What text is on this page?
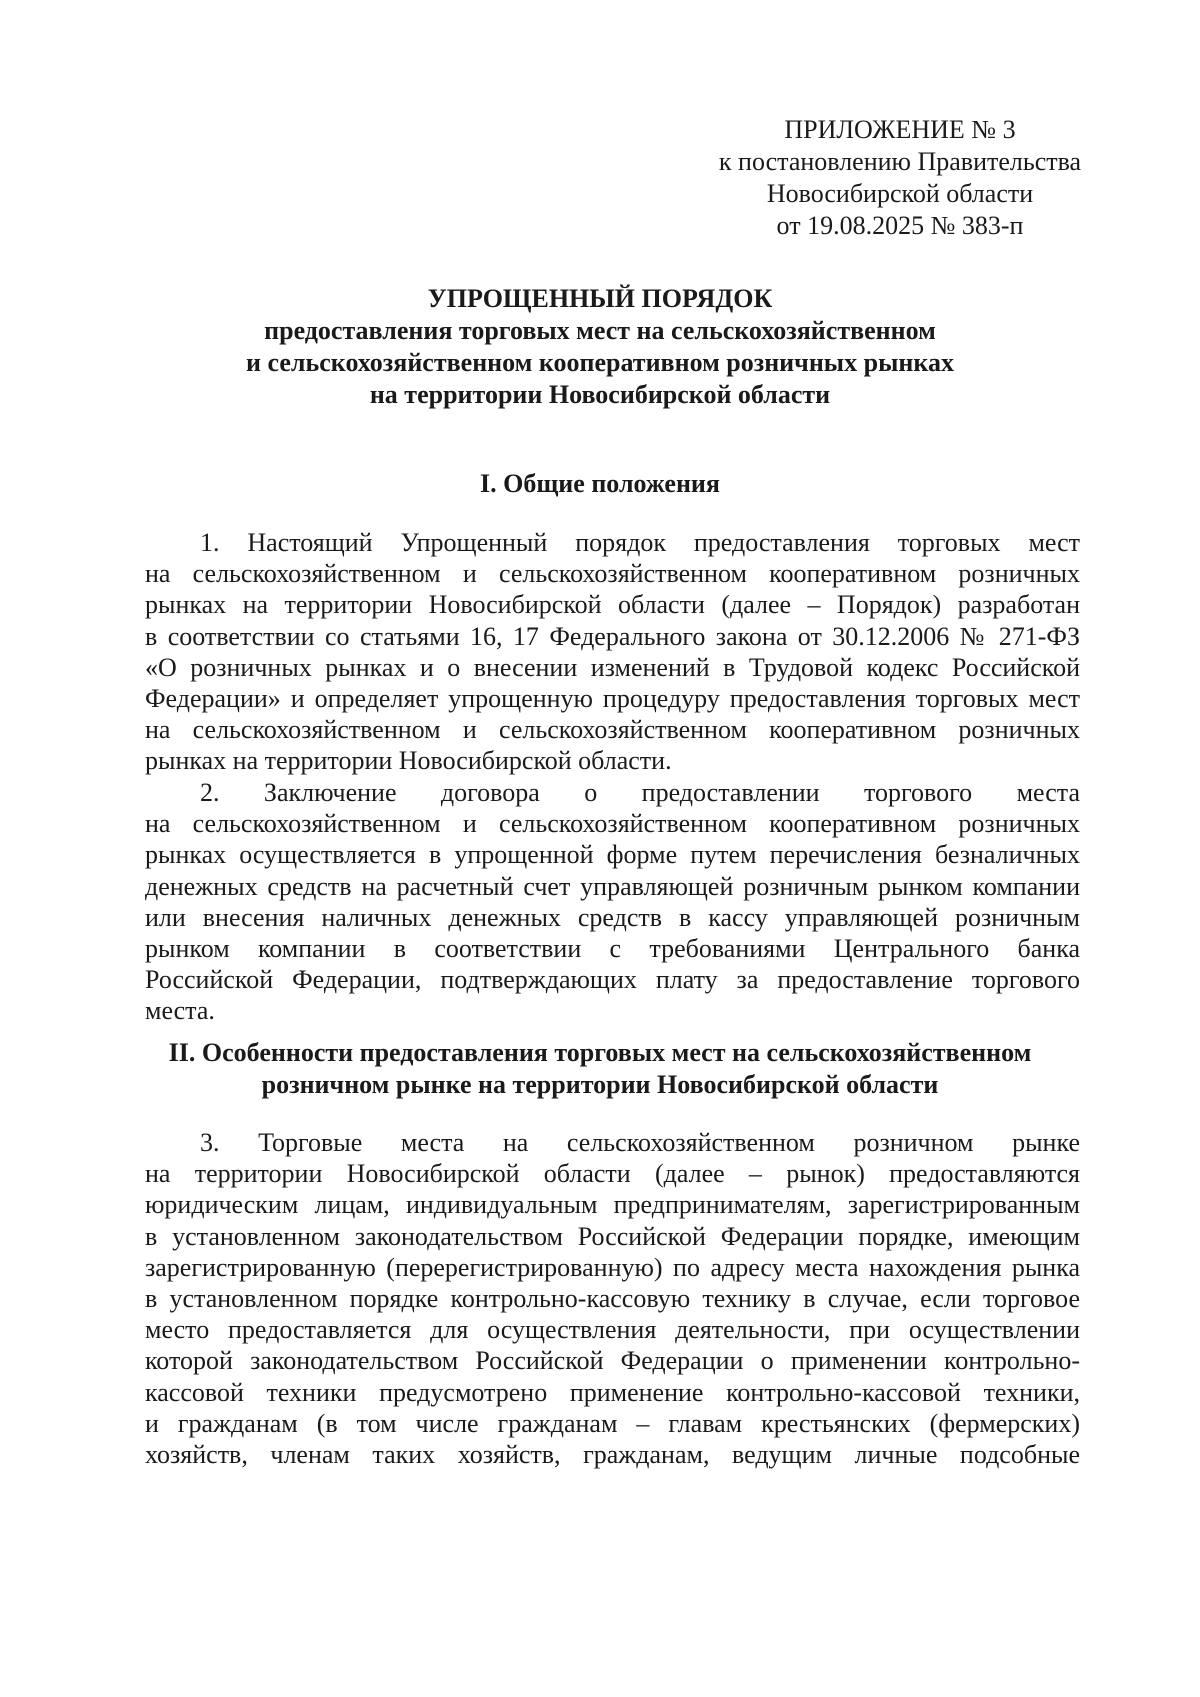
ПРИЛОЖЕНИЕ № 3
к постановлению Правительства
Новосибирской области
от 19.08.2025 № 383-п
УПРОЩЕННЫЙ ПОРЯДОК
предоставления торговых мест на сельскохозяйственном
и сельскохозяйственном кооперативном розничных рынках
на территории Новосибирской области
I. Общие положения
1. Настоящий Упрощенный порядок предоставления торговых мест
на сельскохозяйственном и сельскохозяйственном кооперативном розничных
рынках на территории Новосибирской области (далее – Порядок) разработан
в соответствии со статьями 16, 17 Федерального закона от 30.12.2006 № 271-ФЗ
«О розничных рынках и о внесении изменений в Трудовой кодекс Российской
Федерации» и определяет упрощенную процедуру предоставления торговых мест
на сельскохозяйственном и сельскохозяйственном кооперативном розничных
рынках на территории Новосибирской области.
2. Заключение договора о предоставлении торгового места
на сельскохозяйственном и сельскохозяйственном кооперативном розничных
рынках осуществляется в упрощенной форме путем перечисления безналичных
денежных средств на расчетный счет управляющей розничным рынком компании
или внесения наличных денежных средств в кассу управляющей розничным
рынком компании в соответствии с требованиями Центрального банка
Российской Федерации, подтверждающих плату за предоставление торгового
места.
II. Особенности предоставления торговых мест на сельскохозяйственном
розничном рынке на территории Новосибирской области
3. Торговые места на сельскохозяйственном розничном рынке
на территории Новосибирской области (далее – рынок) предоставляются
юридическим лицам, индивидуальным предпринимателям, зарегистрированным
в установленном законодательством Российской Федерации порядке, имеющим
зарегистрированную (перерегистрированную) по адресу места нахождения рынка
в установленном порядке контрольно-кассовую технику в случае, если торговое
место предоставляется для осуществления деятельности, при осуществлении
которой законодательством Российской Федерации о применении контрольно-
кассовой техники предусмотрено применение контрольно-кассовой техники,
и гражданам (в том числе гражданам – главам крестьянских (фермерских)
хозяйств, членам таких хозяйств, гражданам, ведущим личные подсобные
